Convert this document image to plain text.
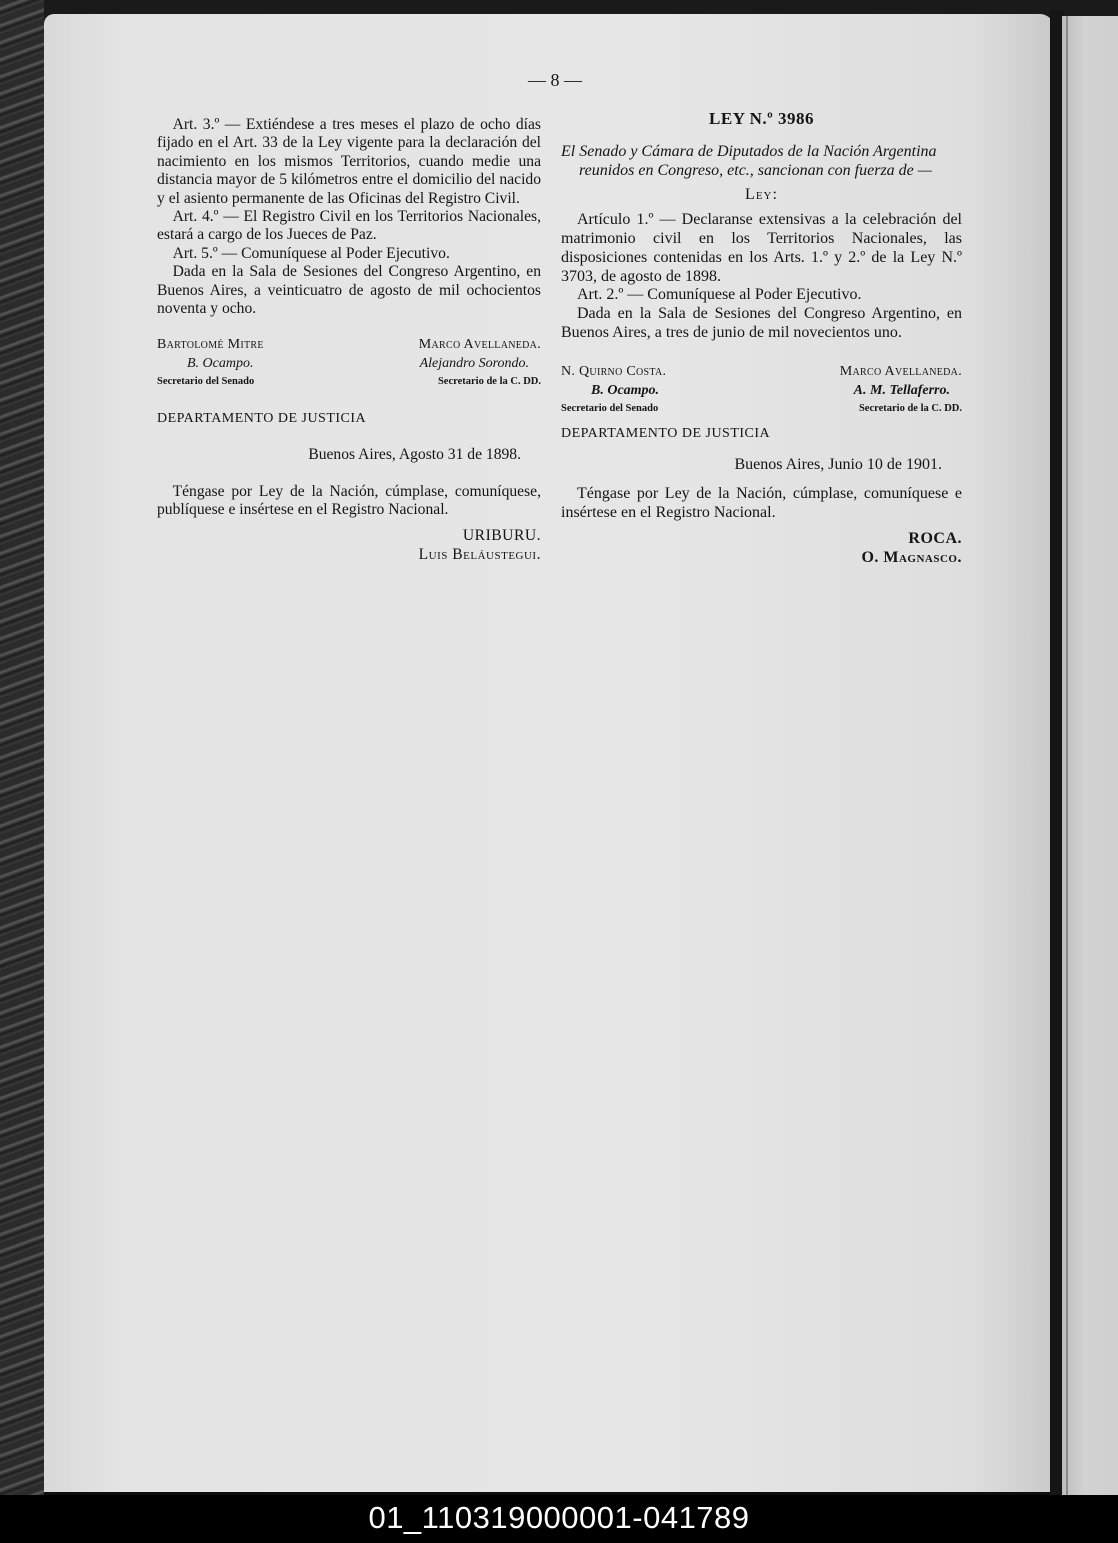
— 8 —

Art. 3.º — Extiéndese a tres meses el plazo de ocho días fijado en el Art. 33 de la Ley vigente para la declaración del nacimiento en los mismos Territorios, cuando medie una distancia mayor de 5 kilómetros entre el domicilio del nacido y el asiento permanente de las Oficinas del Registro Civil.

Art. 4.º — El Registro Civil en los Territorios Nacionales, estará a cargo de los Jueces de Paz.

Art. 5.º — Comuníquese al Poder Ejecutivo.

Dada en la Sala de Sesiones del Congreso Argentino, en Buenos Aires, a veinticuatro de agosto de mil ochocientos noventa y ocho.

Bartolomé Mitre
B. Ocampo.
Secretario del Senado
Marco Avellaneda.
Alejandro Sorondo.
Secretario de la C. DD.
DEPARTAMENTO DE JUSTICIA
Buenos Aires, Agosto 31 de 1898.

Téngase por Ley de la Nación, cúmplase, comuníquese, publíquese e insértese en el Registro Nacional.

URIBURU.
Luis Beláustegui.
LEY N.º 3986

El Senado y Cámara de Diputados de la Nación Argentina reunidos en Congreso, etc., sancionan con fuerza de —

Ley:

Artículo 1.º — Declaranse extensivas a la celebración del matrimonio civil en los Territorios Nacionales, las disposiciones contenidas en los Arts. 1.º y 2.º de la Ley N.º 3703, de agosto de 1898.

Art. 2.º — Comuníquese al Poder Ejecutivo.

Dada en la Sala de Sesiones del Congreso Argentino, en Buenos Aires, a tres de junio de mil novecientos uno.

N. Quirno Costa.
B. Ocampo.
Secretario del Senado
Marco Avellaneda.
A. M. Tellaferro.
Secretario de la C. DD.
DEPARTAMENTO DE JUSTICIA
Buenos Aires, Junio 10 de 1901.

Téngase por Ley de la Nación, cúmplase, comuníquese e insértese en el Registro Nacional.

ROCA.
O. Magnasco.
01_110319000001-041789
